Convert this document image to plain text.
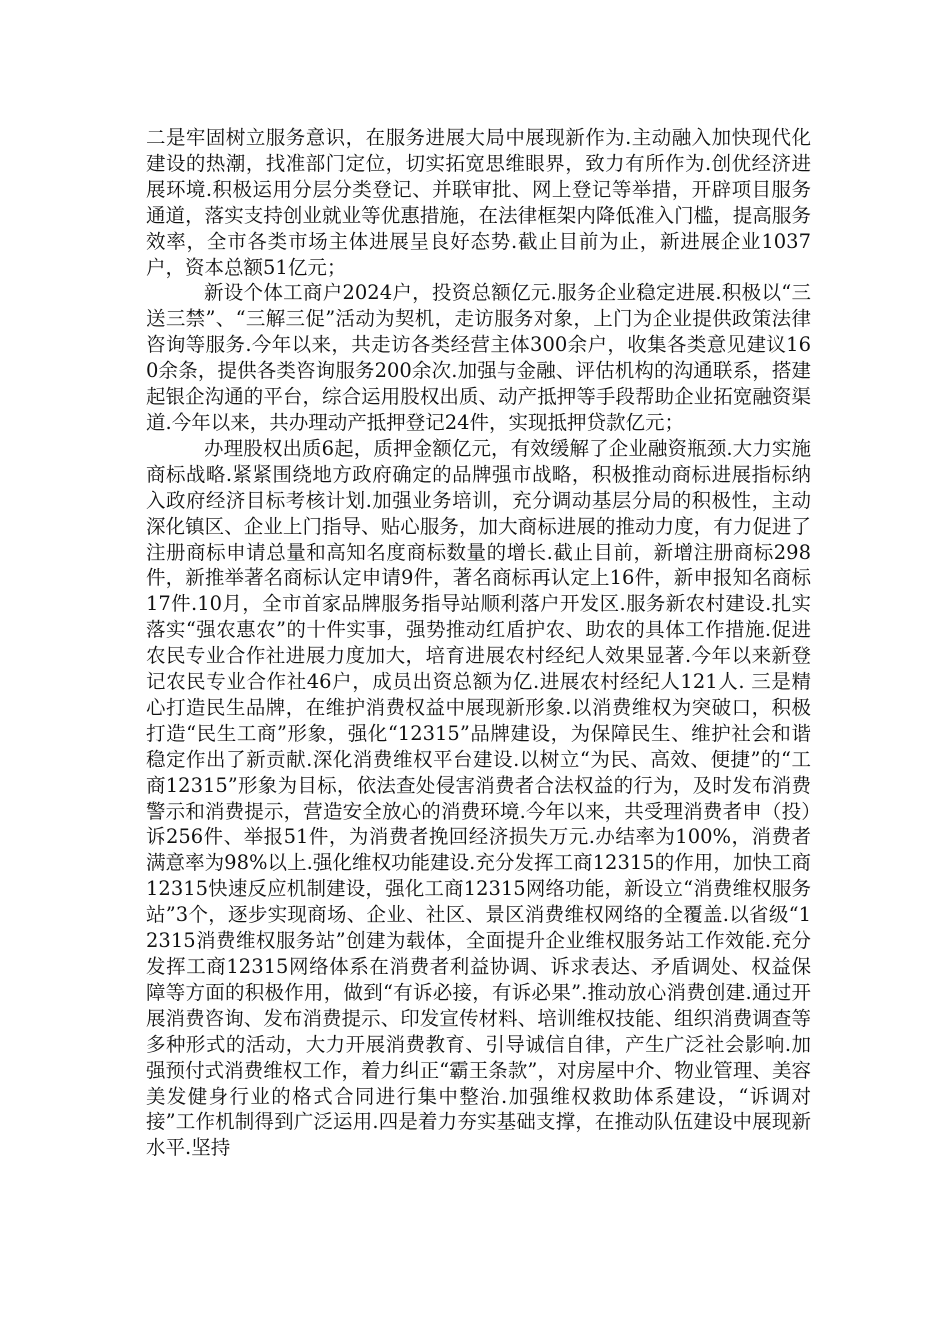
二是牢固树立服务意识，在服务进展大局中展现新作为.主动融入加快现代化建设的热潮，找准部门定位，切实拓宽思维眼界，致力有所作为.创优经济进展环境.积极运用分层分类登记、并联审批、网上登记等举措，开辟项目服务通道，落实支持创业就业等优惠措施，在法律框架内降低准入门槛，提高服务效率，全市各类市场主体进展呈良好态势.截止目前为止，新进展企业1037户，资本总额51亿元；

新设个体工商户2024户，投资总额亿元.服务企业稳定进展.积极以“三送三禁”、“三解三促”活动为契机，走访服务对象，上门为企业提供政策法律咨询等服务.今年以来，共走访各类经营主体300余户，收集各类意见建议160余条，提供各类咨询服务200余次.加强与金融、评估机构的沟通联系，搭建起银企沟通的平台，综合运用股权出质、动产抵押等手段帮助企业拓宽融资渠道.今年以来，共办理动产抵押登记24件，实现抵押贷款亿元；

办理股权出质6起，质押金额亿元，有效缓解了企业融资瓶颈.大力实施商标战略.紧紧围绕地方政府确定的品牌强市战略，积极推动商标进展指标纳入政府经济目标考核计划.加强业务培训，充分调动基层分局的积极性，主动深化镇区、企业上门指导、贴心服务，加大商标进展的推动力度，有力促进了注册商标申请总量和高知名度商标数量的增长.截止目前，新增注册商标298件，新推举著名商标认定申请9件，著名商标再认定上16件，新申报知名商标17件.10月，全市首家品牌服务指导站顺利落户开发区.服务新农村建设.扎实落实“强农惠农”的十件实事，强势推动红盾护农、助农的具体工作措施.促进农民专业合作社进展力度加大，培育进展农村经纪人效果显著.今年以来新登记农民专业合作社46户，成员出资总额为亿.进展农村经纪人121人. 三是精心打造民生品牌，在维护消费权益中展现新形象.以消费维权为突破口，积极打造“民生工商”形象，强化“12315”品牌建设，为保障民生、维护社会和谐稳定作出了新贡献.深化消费维权平台建设.以树立“为民、高效、便捷”的“工商12315”形象为目标，依法查处侵害消费者合法权益的行为，及时发布消费警示和消费提示，营造安全放心的消费环境.今年以来，共受理消费者申（投）诉256件、举报51件，为消费者挽回经济损失万元.办结率为100%，消费者满意率为98%以上.强化维权功能建设.充分发挥工商12315的作用，加快工商12315快速反应机制建设，强化工商12315网络功能，新设立“消费维权服务站”3个，逐步实现商场、企业、社区、景区消费维权网络的全覆盖.以省级“12315消费维权服务站”创建为载体，全面提升企业维权服务站工作效能.充分发挥工商12315网络体系在消费者利益协调、诉求表达、矛盾调处、权益保障等方面的积极作用，做到“有诉必接，有诉必果”.推动放心消费创建.通过开展消费咨询、发布消费提示、印发宣传材料、培训维权技能、组织消费调查等多种形式的活动，大力开展消费教育、引导诚信自律，产生广泛社会影响.加强预付式消费维权工作，着力纠正“霸王条款”，对房屋中介、物业管理、美容美发健身行业的格式合同进行集中整治.加强维权救助体系建设，“诉调对接”工作机制得到广泛运用.四是着力夯实基础支撑，在推动队伍建设中展现新水平.坚持
